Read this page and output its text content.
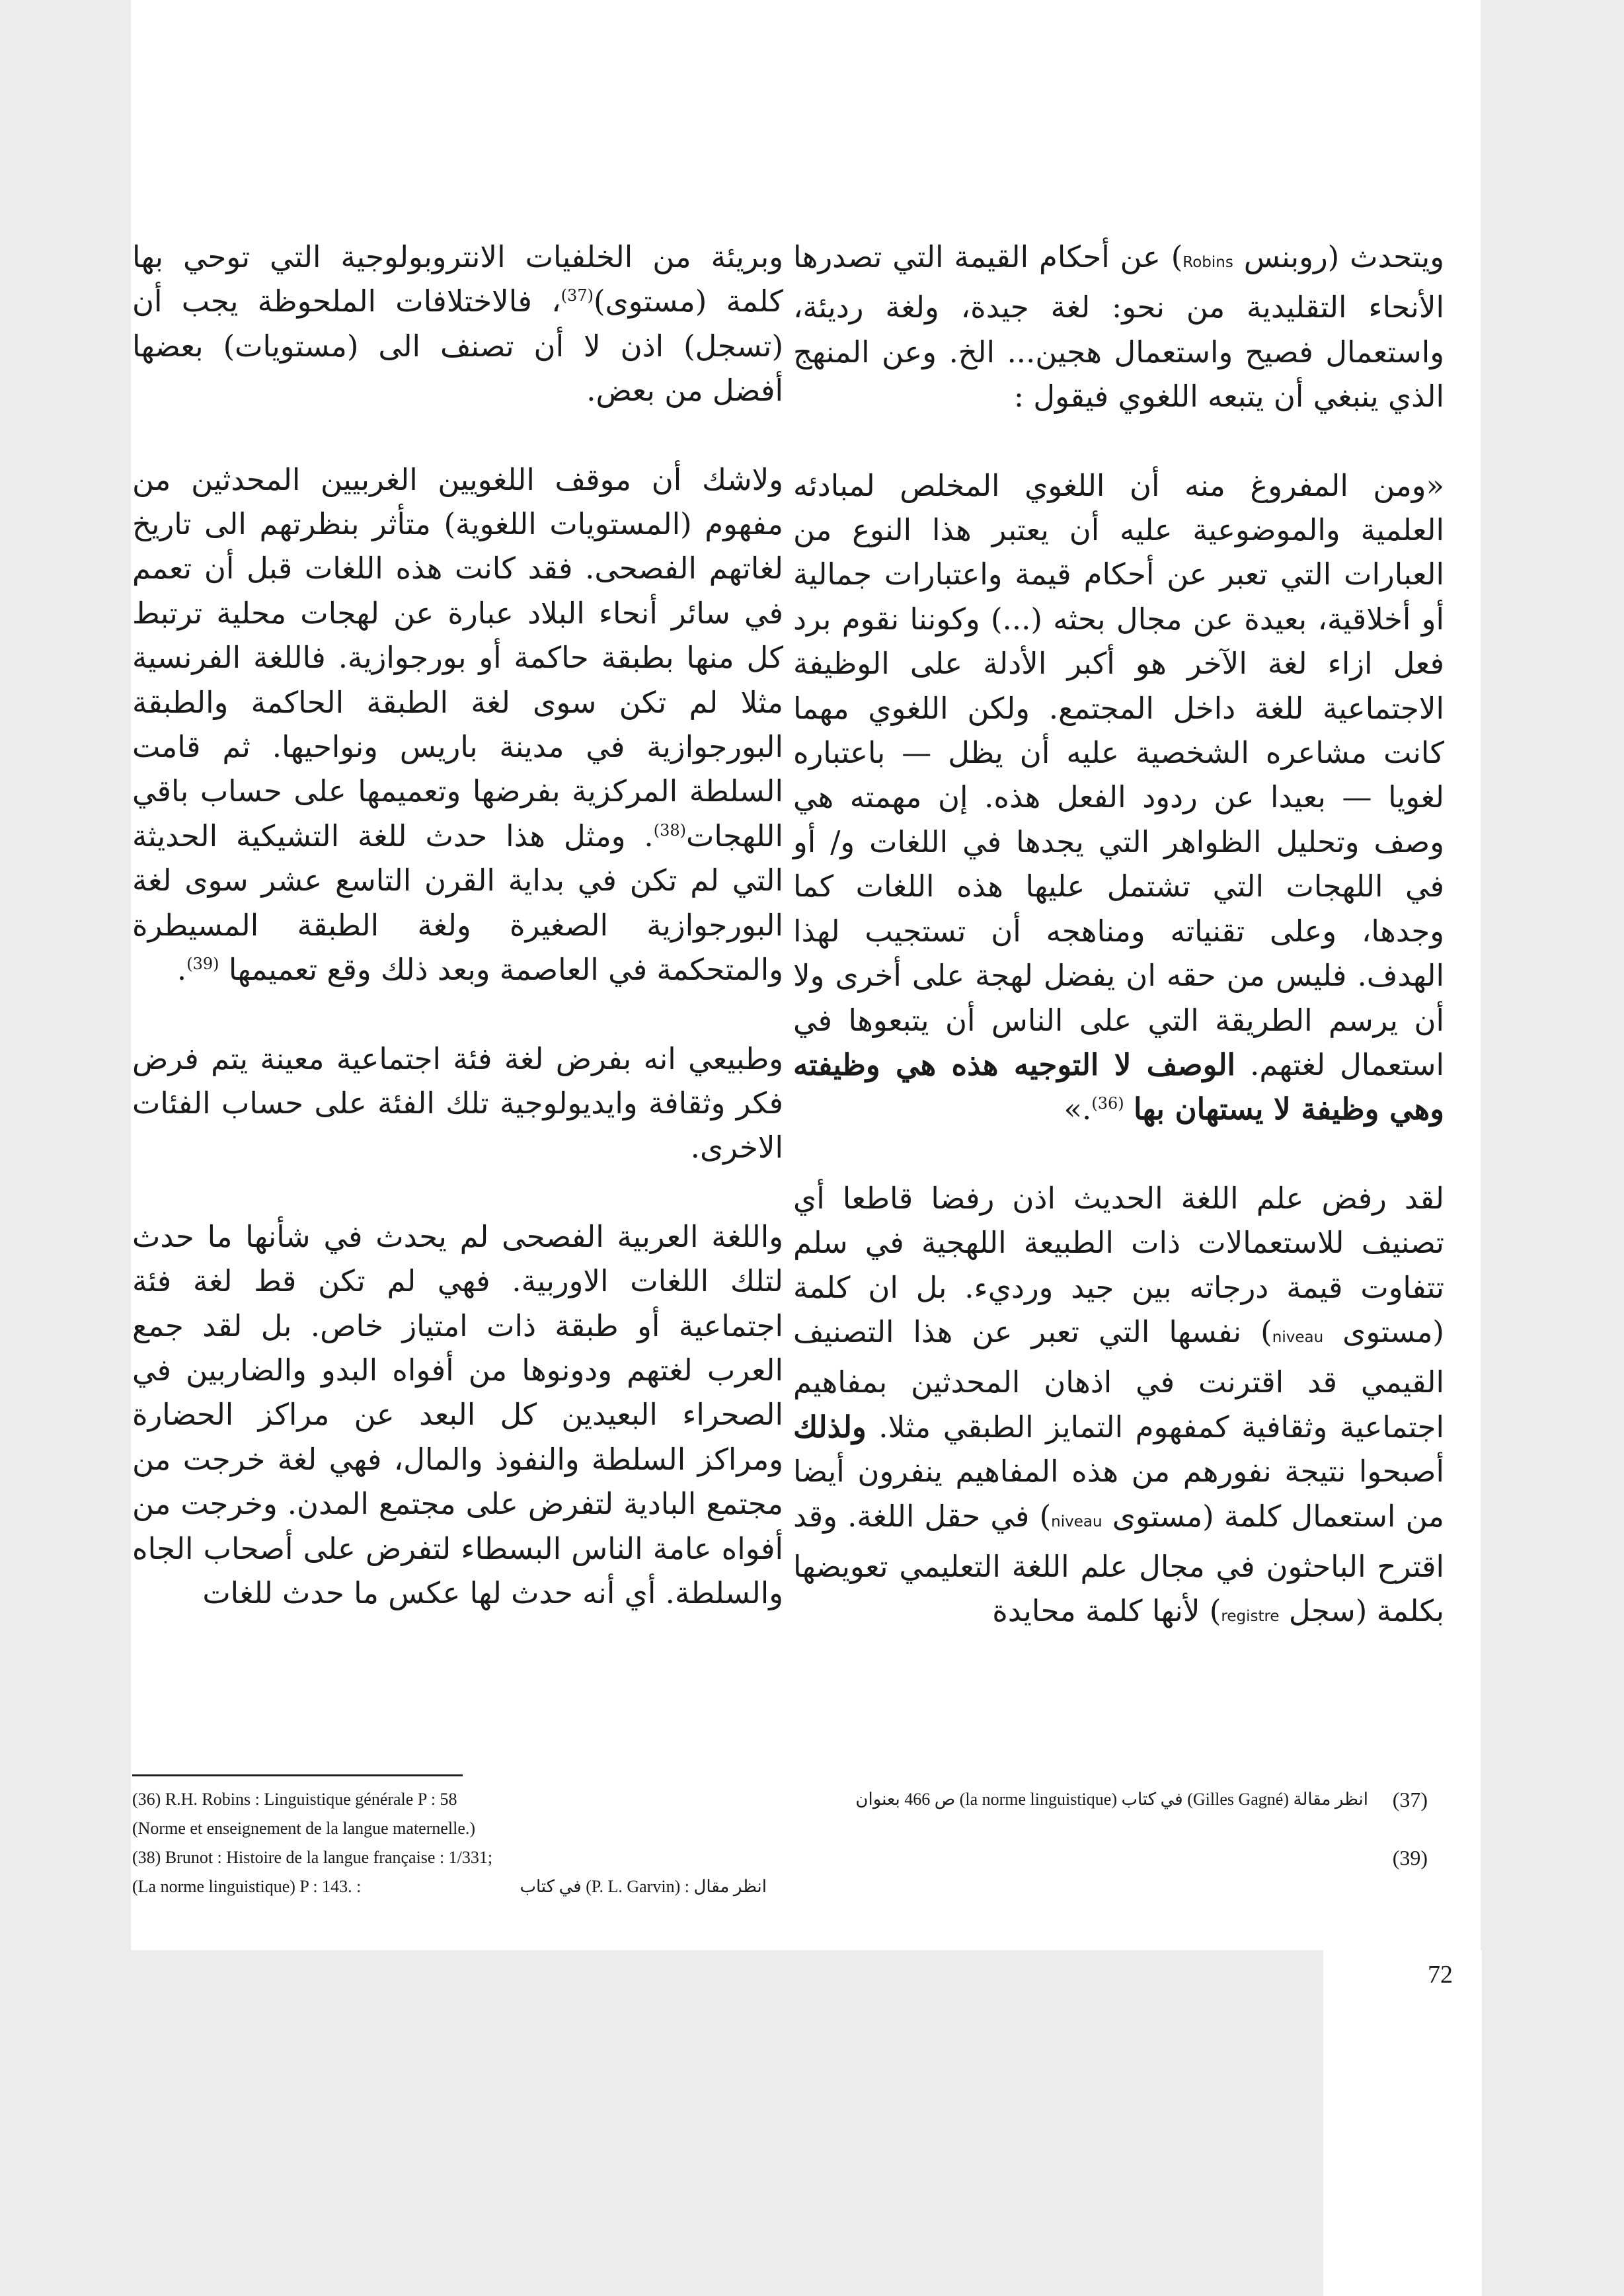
ويتحدث (روبنس Robins) عن أحكام القيمة التي تصدرها الأنحاء التقليدية من نحو: لغة جيدة، ولغة رديئة، واستعمال فصيح واستعمال هجين... الخ. وعن المنهج الذي ينبغي أن يتبعه اللغوي فيقول :

«ومن المفروغ منه أن اللغوي المخلص لمبادئه العلمية والموضوعية عليه أن يعتبر هذا النوع من العبارات التي تعبر عن أحكام قيمة واعتبارات جمالية أو أخلاقية، بعيدة عن مجال بحثه (...) وكوننا نقوم برد فعل ازاء لغة الآخر هو أكبر الأدلة على الوظيفة الاجتماعية للغة داخل المجتمع. ولكن اللغوي مهما كانت مشاعره الشخصية عليه أن يظل — باعتباره لغويا — بعيدا عن ردود الفعل هذه. إن مهمته هي وصف وتحليل الظواهر التي يجدها في اللغات و/ أو في اللهجات التي تشتمل عليها هذه اللغات كما وجدها، وعلى تقنياته ومناهجه أن تستجيب لهذا الهدف. فليس من حقه ان يفضل لهجة على أخرى ولا أن يرسم الطريقة التي على الناس أن يتبعوها في استعمال لغتهم. الوصف لا التوجيه هذه هي وظيفته وهي وظيفة لا يستهان بها $^{(36)}$.»

لقد رفض علم اللغة الحديث اذن رفضا قاطعا أي تصنيف للاستعمالات ذات الطبيعة اللهجية في سلم تتفاوت قيمة درجاته بين جيد ورديء. بل ان كلمة (مستوى niveau) نفسها التي تعبر عن هذا التصنيف القيمي قد اقترنت في اذهان المحدثين بمفاهيم اجتماعية وثقافية كمفهوم التمايز الطبقي مثلا. ولذلك أصبحوا نتيجة نفورهم من هذه المفاهيم ينفرون أيضا من استعمال كلمة (مستوى niveau) في حقل اللغة. وقد اقترح الباحثون في مجال علم اللغة التعليمي تعويضها بكلمة (سجل registre) لأنها كلمة محايدة

وبريئة من الخلفيات الانتروبولوجية التي توحي بها كلمة (مستوى)$^{(37)}$، فالاختلافات الملحوظة يجب أن (تسجل) اذن لا أن تصنف الى (مستويات) بعضها أفضل من بعض.

ولاشك أن موقف اللغويين الغربيين المحدثين من مفهوم (المستويات اللغوية) متأثر بنظرتهم الى تاريخ لغاتهم الفصحى. فقد كانت هذه اللغات قبل أن تعمم في سائر أنحاء البلاد عبارة عن لهجات محلية ترتبط كل منها بطبقة حاكمة أو بورجوازية. فاللغة الفرنسية مثلا لم تكن سوى لغة الطبقة الحاكمة والطبقة البورجوازية في مدينة باريس ونواحيها. ثم قامت السلطة المركزية بفرضها وتعميمها على حساب باقي اللهجات$^{(38)}$. ومثل هذا حدث للغة التشيكية الحديثة التي لم تكن في بداية القرن التاسع عشر سوى لغة البورجوازية الصغيرة ولغة الطبقة المسيطرة والمتحكمة في العاصمة وبعد ذلك وقع تعميمها $^{(39)}$.

وطبيعي انه بفرض لغة فئة اجتماعية معينة يتم فرض فكر وثقافة وايديولوجية تلك الفئة على حساب الفئات الاخرى.

واللغة العربية الفصحى لم يحدث في شأنها ما حدث لتلك اللغات الاوربية. فهي لم تكن قط لغة فئة اجتماعية أو طبقة ذات امتياز خاص. بل لقد جمع العرب لغتهم ودونوها من أفواه البدو والضاربين في الصحراء البعيدين كل البعد عن مراكز الحضارة ومراكز السلطة والنفوذ والمال، فهي لغة خرجت من مجتمع البادية لتفرض على مجتمع المدن. وخرجت من أفواه عامة الناس البسطاء لتفرض على أصحاب الجاه والسلطة. أي أنه حدث لها عكس ما حدث للغات

(36) R.H. Robins : Linguistique générale P : 58	انظر مقالة (Gilles Gagné) في كتاب (la norme linguistique) ص 466 بعنوان (37)
(Norme et enseignement de la langue maternelle.)
(38) Brunot : Histoire de la langue française : 1/331;	(39)
(La norme linguistique) P : 143. :	انظر مقال : (P. L. Garvin) في كتاب
72
